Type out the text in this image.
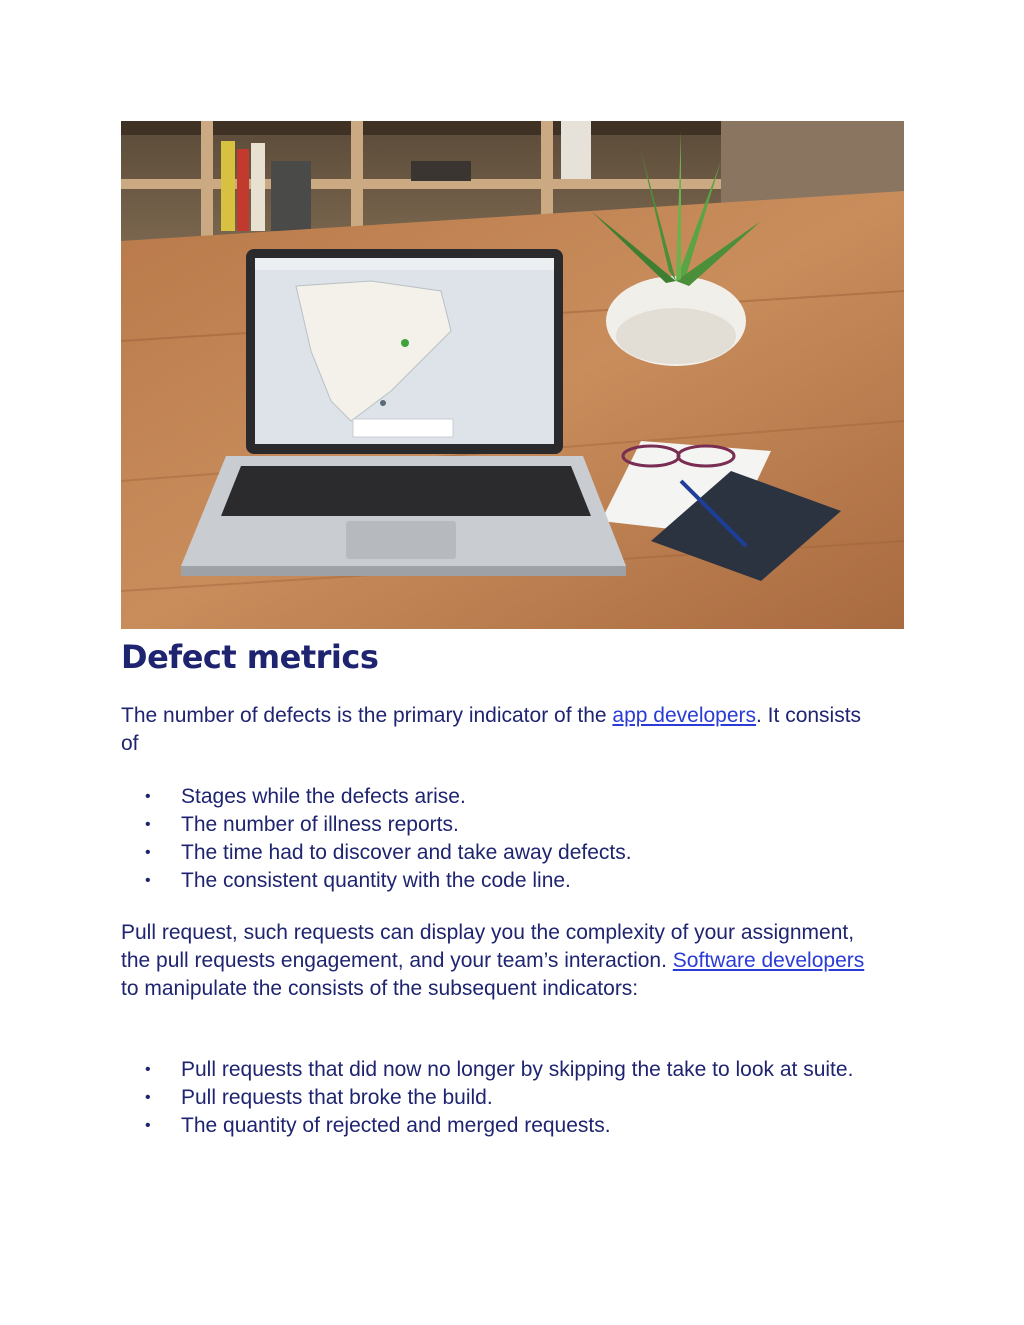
Defect metrics

The number of defects is the primary indicator of the app developers. It consists of

• Stages while the defects arise.
• The number of illness reports.
• The time had to discover and take away defects.
• The consistent quantity with the code line.

Pull request, such requests can display you the complexity of your assignment, the pull requests engagement, and your team’s interaction. Software developers to manipulate the consists of the subsequent indicators:

• Pull requests that did now no longer by skipping the take to look at suite.
• Pull requests that broke the build.
• The quantity of rejected and merged requests.
